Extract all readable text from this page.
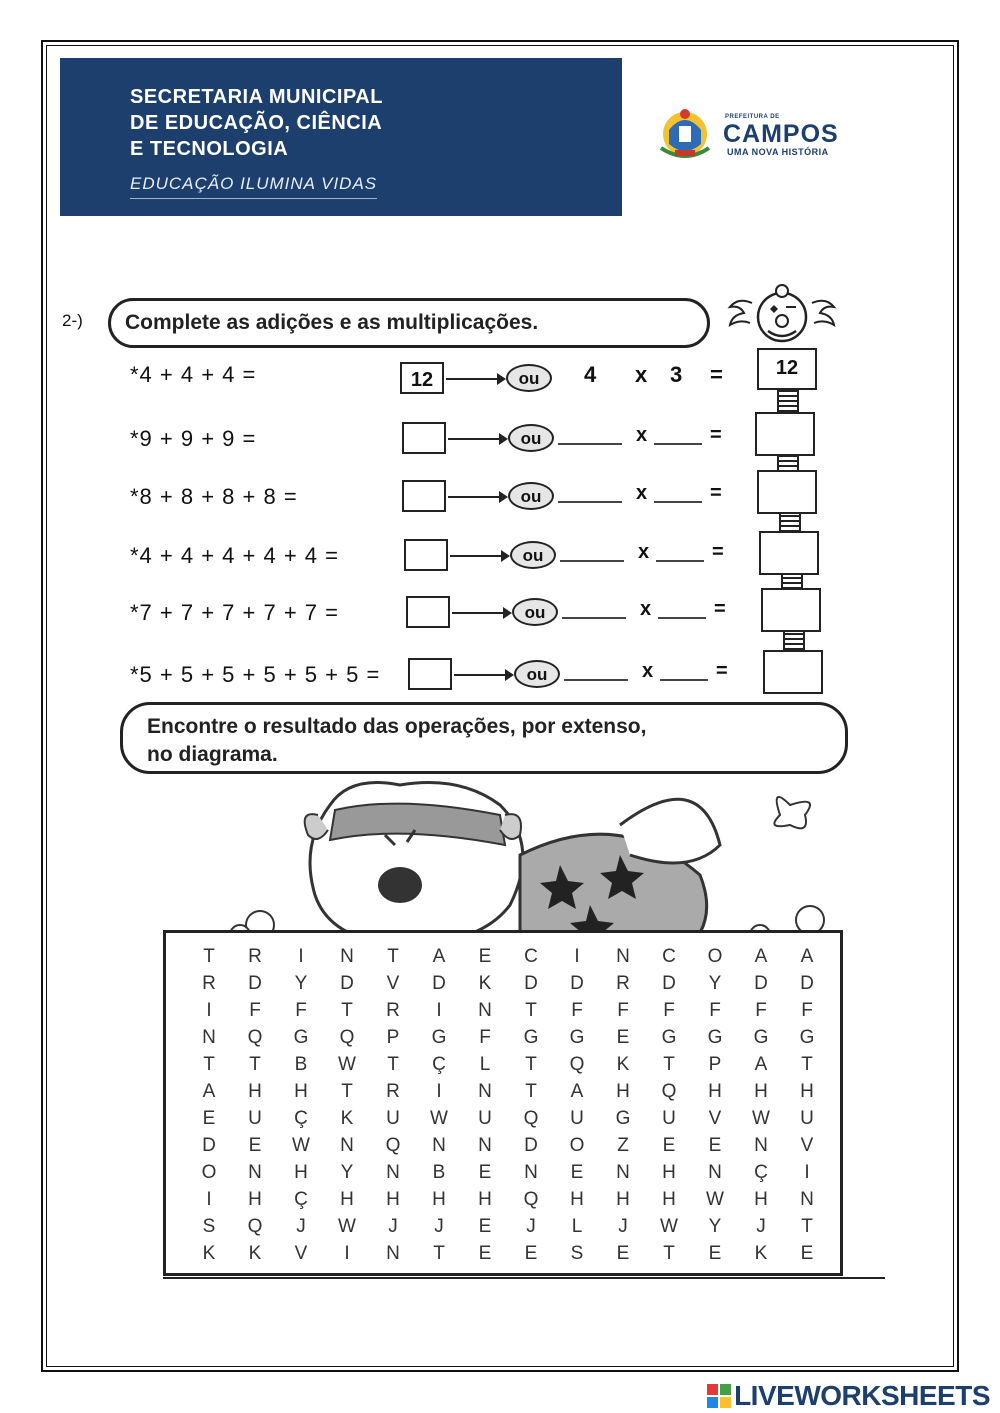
SECRETARIA MUNICIPAL
DE EDUCAÇÃO, CIÊNCIA
E TECNOLOGIA
EDUCAÇÃO ILUMINA VIDAS
PREFEITURA DE
CAMPOS
UMA NOVA HISTÓRIA
2-)	Complete as adições e as multiplicações.
*4 + 4 + 4 =	12	ou	4 x 3 =	12
*9 + 9 + 9 =	ou	x	=
*8 + 8 + 8 + 8 =	ou	x	=
*4 + 4 + 4 + 4 + 4 =	ou	x	=
*7 + 7 + 7 + 7 + 7 =	ou	x	=
*5 + 5 + 5 + 5 + 5 + 5 =	ou	x	=
Encontre o resultado das operações, por extenso,
no diagrama.
T	R	I	N	T	A	E	C	I	N	C	O	A	A
R	D	Y	D	V	D	K	D	D	R	D	Y	D	D
I	F	F	T	R	I	N	T	F	F	F	F	F	F
N	Q	G	Q	P	G	F	G	G	E	G	G	G	G
T	T	B	W	T	Ç	L	T	Q	K	T	P	A	T
A	H	H	T	R	I	N	T	A	H	Q	H	H	H
E	U	Ç	K	U	W	U	Q	U	G	U	V	W	U
D	E	W	N	Q	N	N	D	O	Z	E	E	N	V
O	N	H	Y	N	B	E	N	E	N	H	N	Ç	I
I	H	Ç	H	H	H	H	Q	H	H	H	W	H	N
S	Q	J	W	J	J	E	J	L	J	W	Y	J	T
K	K	V	I	N	T	E	E	S	E	T	E	K	E
LIVEWORKSHEETS
